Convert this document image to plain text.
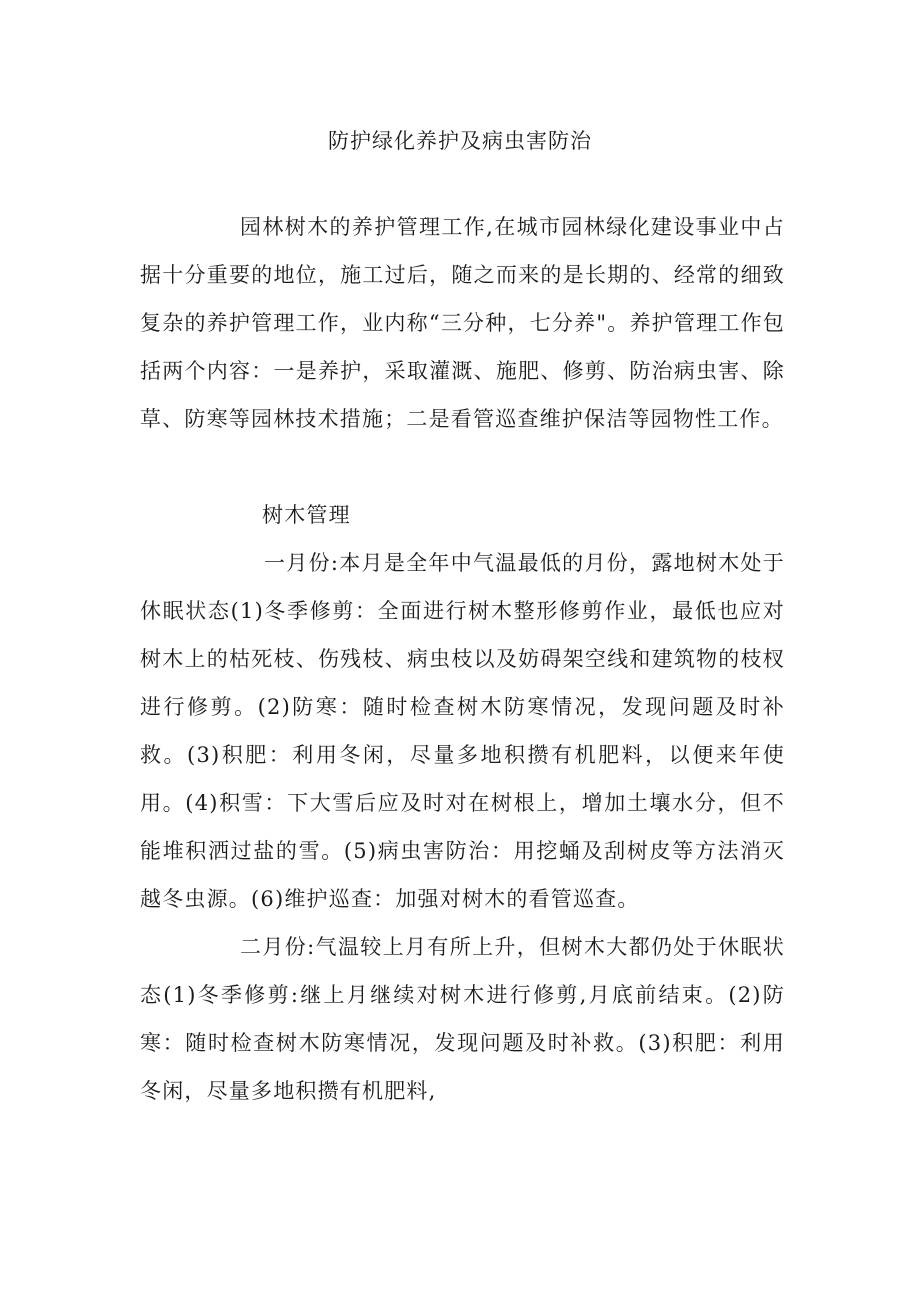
防护绿化养护及病虫害防治

园林树木的养护管理工作,在城市园林绿化建设事业中占据十分重要的地位，施工过后，随之而来的是长期的、经常的细致复杂的养护管理工作，业内称“三分种，七分养"。养护管理工作包括两个内容：一是养护，采取灌溉、施肥、修剪、防治病虫害、除草、防寒等园林技术措施；二是看管巡查维护保洁等园物性工作。

树木管理

一月份:本月是全年中气温最低的月份，露地树木处于休眠状态(1)冬季修剪：全面进行树木整形修剪作业，最低也应对树木上的枯死枝、伤残枝、病虫枝以及妨碍架空线和建筑物的枝杈进行修剪。(2)防寒：随时检查树木防寒情况，发现问题及时补救。(3)积肥：利用冬闲，尽量多地积攒有机肥料，以便来年使用。(4)积雪：下大雪后应及时对在树根上，增加土壤水分，但不能堆积洒过盐的雪。(5)病虫害防治：用挖蛹及刮树皮等方法消灭越冬虫源。(6)维护巡查：加强对树木的看管巡查。

二月份:气温较上月有所上升，但树木大都仍处于休眠状态(1)冬季修剪:继上月继续对树木进行修剪,月底前结束。(2)防寒：随时检查树木防寒情况，发现问题及时补救。(3)积肥：利用冬闲，尽量多地积攒有机肥料,
